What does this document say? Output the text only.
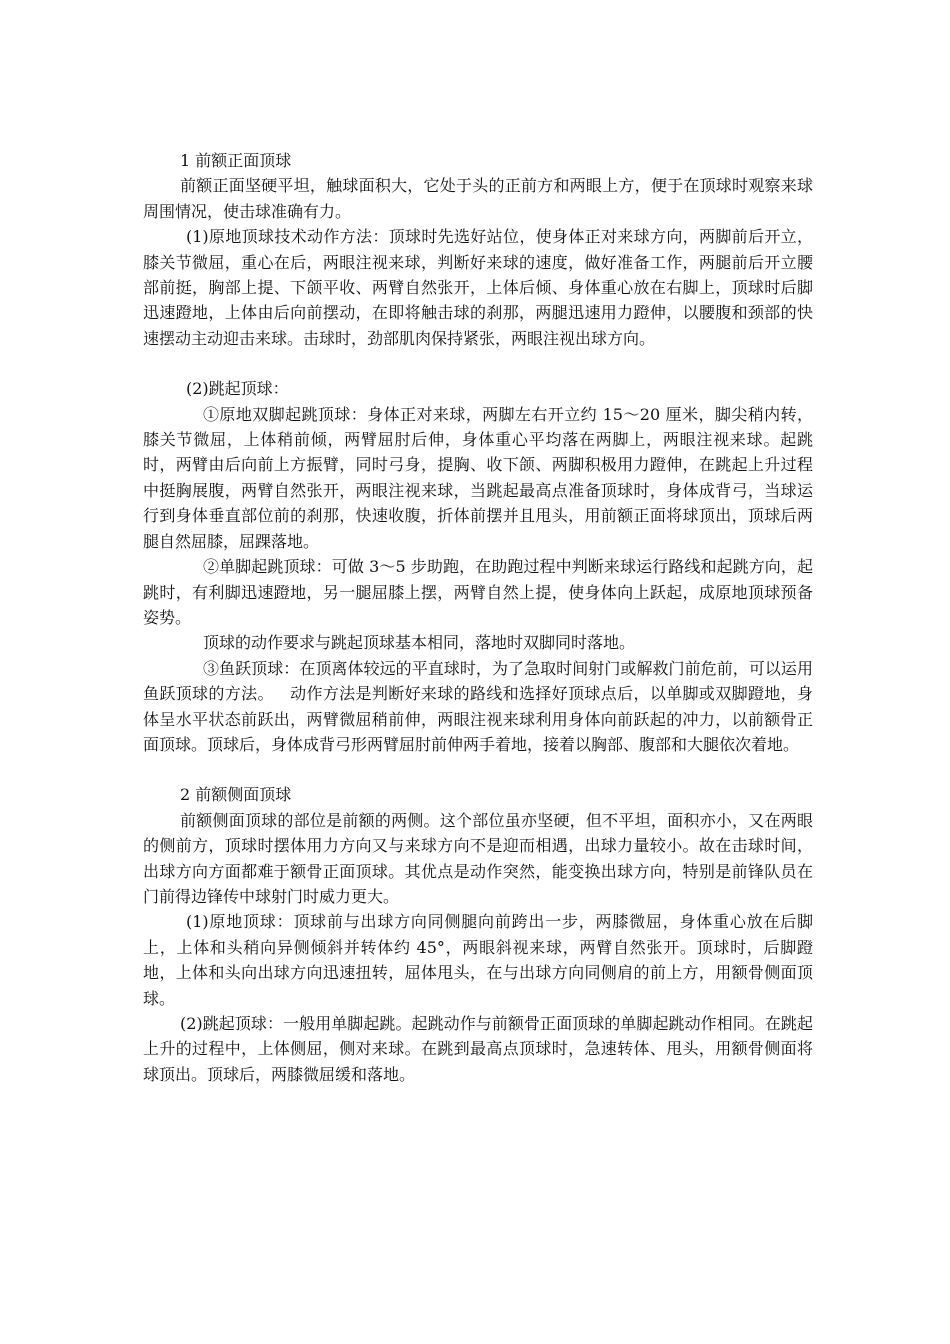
1 前额正面顶球

前额正面坚硬平坦，触球面积大，它处于头的正前方和两眼上方，便于在顶球时观察来球周围情况，使击球准确有力。

(1)原地顶球技术动作方法：顶球时先选好站位，使身体正对来球方向，两脚前后开立，膝关节微屈，重心在后，两眼注视来球，判断好来球的速度，做好准备工作，两腿前后开立腰部前挺，胸部上提、下颌平收、两臂自然张开，上体后倾、身体重心放在右脚上，顶球时后脚迅速蹬地，上体由后向前摆动，在即将触击球的刹那，两腿迅速用力蹬伸，以腰腹和颈部的快速摆动主动迎击来球。击球时，劲部肌肉保持紧张，两眼注视出球方向。

(2)跳起顶球：

①原地双脚起跳顶球：身体正对来球，两脚左右开立约 15～20 厘米，脚尖稍内转，膝关节微屈，上体稍前倾，两臂屈肘后伸，身体重心平均落在两脚上，两眼注视来球。起跳时，两臂由后向前上方振臂，同时弓身，提胸、收下颌、两脚积极用力蹬伸，在跳起上升过程中挺胸展腹，两臂自然张开，两眼注视来球，当跳起最高点准备顶球时，身体成背弓，当球运行到身体垂直部位前的刹那，快速收腹，折体前摆并且甩头，用前额正面将球顶出，顶球后两腿自然屈膝，屈踝落地。

②单脚起跳顶球：可做 3～5 步助跑，在助跑过程中判断来球运行路线和起跳方向，起跳时，有利脚迅速蹬地，另一腿屈膝上摆，两臂自然上提，使身体向上跃起，成原地顶球预备姿势。

顶球的动作要求与跳起顶球基本相同，落地时双脚同时落地。

③鱼跃顶球：在顶离体较远的平直球时，为了急取时间射门或解救门前危前，可以运用鱼跃顶球的方法。   动作方法是判断好来球的路线和选择好顶球点后，以单脚或双脚蹬地，身体呈水平状态前跃出，两臂微屈稍前伸，两眼注视来球利用身体向前跃起的冲力，以前额骨正面顶球。顶球后，身体成背弓形两臂屈肘前伸两手着地，接着以胸部、腹部和大腿依次着地。

2 前额侧面顶球

前额侧面顶球的部位是前额的两侧。这个部位虽亦坚硬，但不平坦，面积亦小，又在两眼的侧前方，顶球时摆体用力方向又与来球方向不是迎而相遇，出球力量较小。故在击球时间，出球方向方面都难于额骨正面顶球。其优点是动作突然，能变换出球方向，特别是前锋队员在门前得边锋传中球射门时威力更大。

(1)原地顶球：顶球前与出球方向同侧腿向前跨出一步，两膝微屈，身体重心放在后脚上，上体和头稍向异侧倾斜并转体约 45°，两眼斜视来球，两臂自然张开。顶球时，后脚蹬地，上体和头向出球方向迅速扭转，屈体甩头，在与出球方向同侧肩的前上方，用额骨侧面顶球。

(2)跳起顶球：一般用单脚起跳。起跳动作与前额骨正面顶球的单脚起跳动作相同。在跳起上升的过程中，上体侧屈，侧对来球。在跳到最高点顶球时，急速转体、甩头，用额骨侧面将球顶出。顶球后，两膝微屈缓和落地。
